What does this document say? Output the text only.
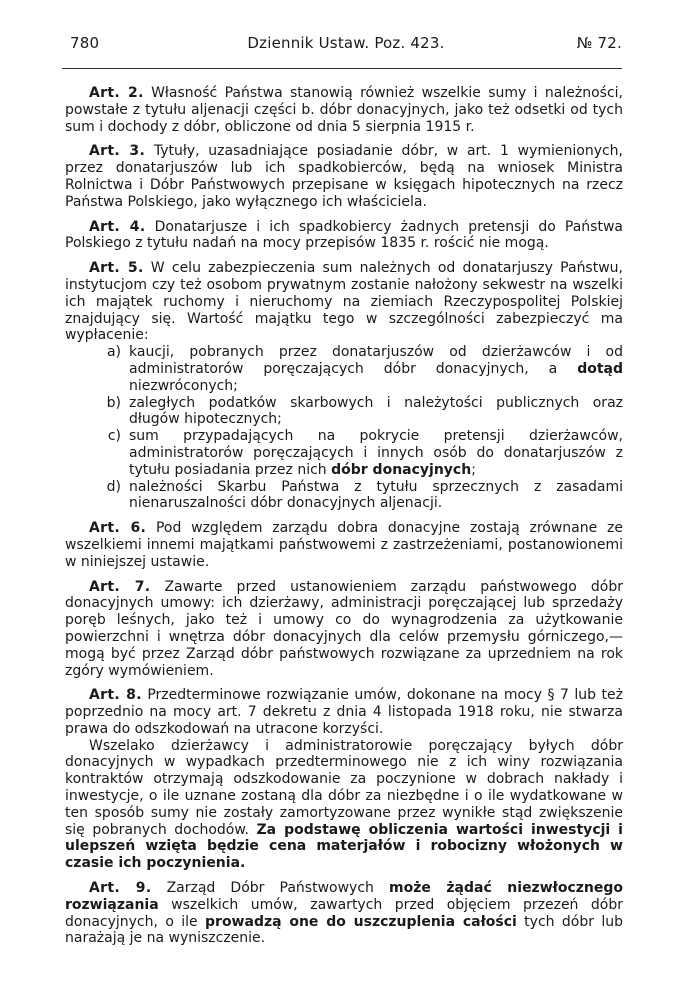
780	Dziennik Ustaw. Poz. 423.	№ 72.

Art. 2. Własność Państwa stanowią również wszelkie sumy i należności, powstałe z tytułu aljenacji części b. dóbr donacyjnych, jako też odsetki od tych sum i dochody z dóbr, obliczone od dnia 5 sierpnia 1915 r.

Art. 3. Tytuły, uzasadniające posiadanie dóbr, w art. 1 wymienionych, przez donatarjuszów lub ich spadkobierców, będą na wniosek Ministra Rolnictwa i Dóbr Państwowych przepisane w księgach hipotecznych na rzecz Państwa Polskiego, jako wyłącznego ich właściciela.

Art. 4. Donatarjusze i ich spadkobiercy żadnych pretensji do Państwa Polskiego z tytułu nadań na mocy przepisów 1835 r. rościć nie mogą.

Art. 5. W celu zabezpieczenia sum należnych od donatarjuszy Państwu, instytucjom czy też osobom prywatnym zostanie nałożony sekwestr na wszelki ich majątek ruchomy i nieruchomy na ziemiach Rzeczypospolitej Polskiej znajdujący się. Wartość majątku tego w szczególności zabezpieczyć ma wypłacenie:

a) kaucji, pobranych przez donatarjuszów od dzierżawców i od administratorów poręczających dóbr donacyjnych, a dotąd niezwróconych;
b) zaległych podatków skarbowych i należytości publicznych oraz długów hipotecznych;
c) sum przypadających na pokrycie pretensji dzierżawców, administratorów poręczających i innych osób do donatarjuszów z tytułu posiadania przez nich dóbr donacyjnych;
d) należności Skarbu Państwa z tytułu sprzecznych z zasadami nienaruszalności dóbr donacyjnych aljenacji.

Art. 6. Pod względem zarządu dobra donacyjne zostają zrównane ze wszelkiemi innemi majątkami państwowemi z zastrzeżeniami, postanowionemi w niniejszej ustawie.

Art. 7. Zawarte przed ustanowieniem zarządu państwowego dóbr donacyjnych umowy: ich dzierżawy, administracji poręczającej lub sprzedaży poręb leśnych, jako też i umowy co do wynagrodzenia za użytkowanie powierzchni i wnętrza dóbr donacyjnych dla celów przemysłu górniczego,— mogą być przez Zarząd dóbr państwowych rozwiązane za uprzedniem na rok zgóry wymówieniem.

Art. 8. Przedterminowe rozwiązanie umów, dokonane na mocy § 7 lub też poprzednio na mocy art. 7 dekretu z dnia 4 listopada 1918 roku, nie stwarza prawa do odszkodowań na utracone korzyści.

Wszelako dzierżawcy i administratorowie poręczający byłych dóbr donacyjnych w wypadkach przedterminowego nie z ich winy rozwiązania kontraktów otrzymają odszkodowanie za poczynione w dobrach nakłady i inwestycje, o ile uznane zostaną dla dóbr za niezbędne i o ile wydatkowane w ten sposób sumy nie zostały zamortyzowane przez wynikłe stąd zwiększenie się pobranych dochodów. Za podstawę obliczenia wartości inwestycji i ulepszeń wzięta będzie cena materjałów i robocizny włożonych w czasie ich poczynienia.

Art. 9. Zarząd Dóbr Państwowych może żądać niezwłocznego rozwiązania wszelkich umów, zawartych przed objęciem przezeń dóbr donacyjnych, o ile prowadzą one do uszczuplenia całości tych dóbr lub narażają je na wyniszczenie.
